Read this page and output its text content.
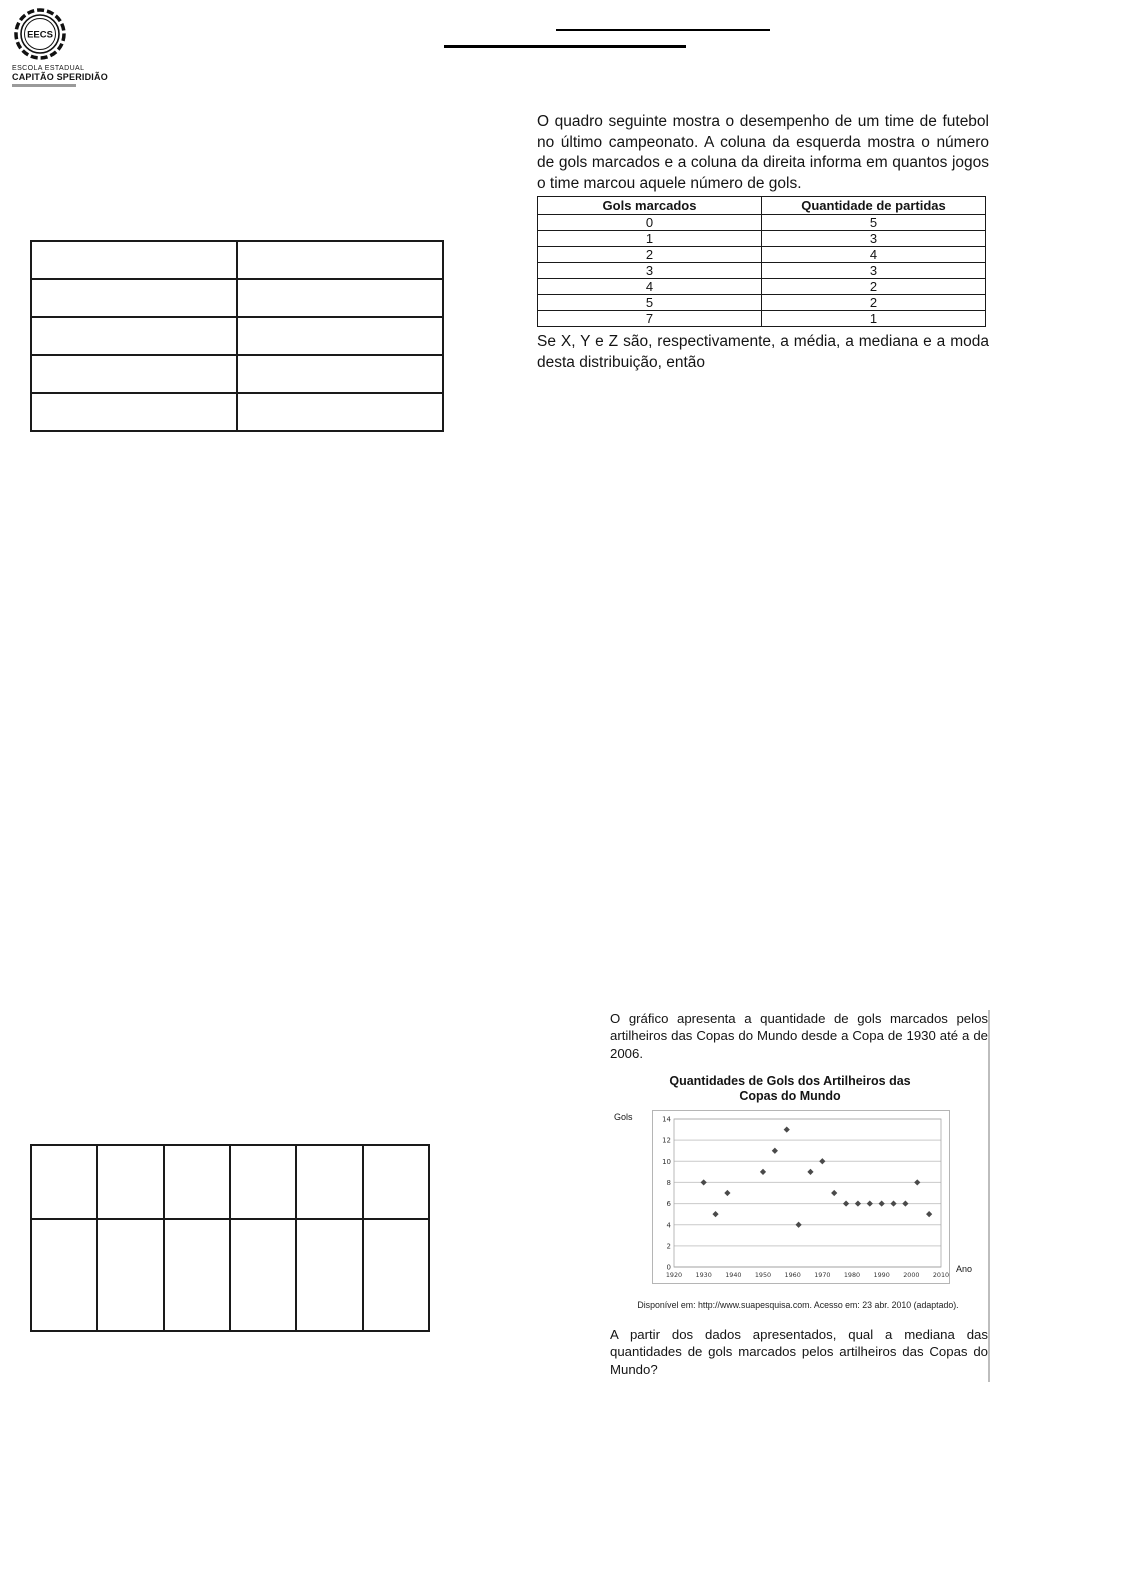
EECS
ESCOLA ESTADUAL
CAPITÃO SPERIDIÃO

O quadro seguinte mostra o desempenho de um time de futebol no último campeonato. A coluna da esquerda mostra o número de gols marcados e a coluna da direita informa em quantos jogos o time marcou aquele número de gols.

Gols marcados	Quantidade de partidas
0	5
1	3
2	4
3	3
4	2
5	2
7	1

Se X, Y e Z são, respectivamente, a média, a mediana e a moda desta distribuição, então

O gráfico apresenta a quantidade de gols marcados pelos artilheiros das Copas do Mundo desde a Copa de 1930 até a de 2006.

Quantidades de Gols dos Artilheiros das Copas do Mundo
Gols
0
2
4
6
8
10
12
14
1920 1930 1940 1950 1960 1970 1980 1990 2000 2010
Ano
Disponível em: http://www.suapesquisa.com. Acesso em: 23 abr. 2010 (adaptado).

A partir dos dados apresentados, qual a mediana das quantidades de gols marcados pelos artilheiros das Copas do Mundo?
